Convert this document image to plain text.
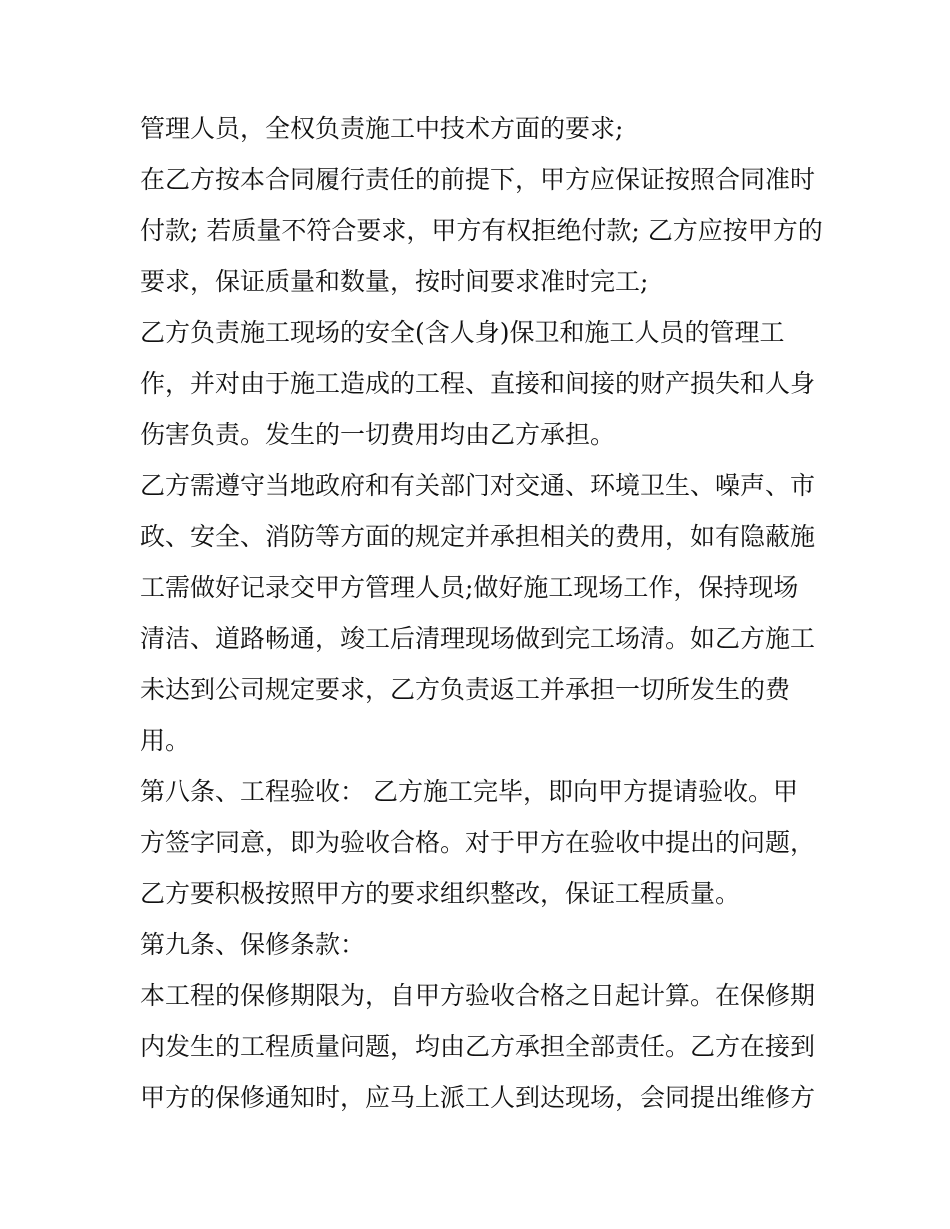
管理人员，全权负责施工中技术方面的要求;
在乙方按本合同履行责任的前提下，甲方应保证按照合同准时
付款; 若质量不符合要求，甲方有权拒绝付款; 乙方应按甲方的
要求，保证质量和数量，按时间要求准时完工;
乙方负责施工现场的安全(含人身)保卫和施工人员的管理工
作，并对由于施工造成的工程、直接和间接的财产损失和人身
伤害负责。发生的一切费用均由乙方承担。
乙方需遵守当地政府和有关部门对交通、环境卫生、噪声、市
政、安全、消防等方面的规定并承担相关的费用，如有隐蔽施
工需做好记录交甲方管理人员;做好施工现场工作，保持现场
清洁、道路畅通，竣工后清理现场做到完工场清。如乙方施工
未达到公司规定要求，乙方负责返工并承担一切所发生的费
用。
第八条、工程验收： 乙方施工完毕，即向甲方提请验收。甲
方签字同意，即为验收合格。对于甲方在验收中提出的问题，
乙方要积极按照甲方的要求组织整改，保证工程质量。
第九条、保修条款：
本工程的保修期限为，自甲方验收合格之日起计算。在保修期
内发生的工程质量问题，均由乙方承担全部责任。乙方在接到
甲方的保修通知时，应马上派工人到达现场，会同提出维修方
